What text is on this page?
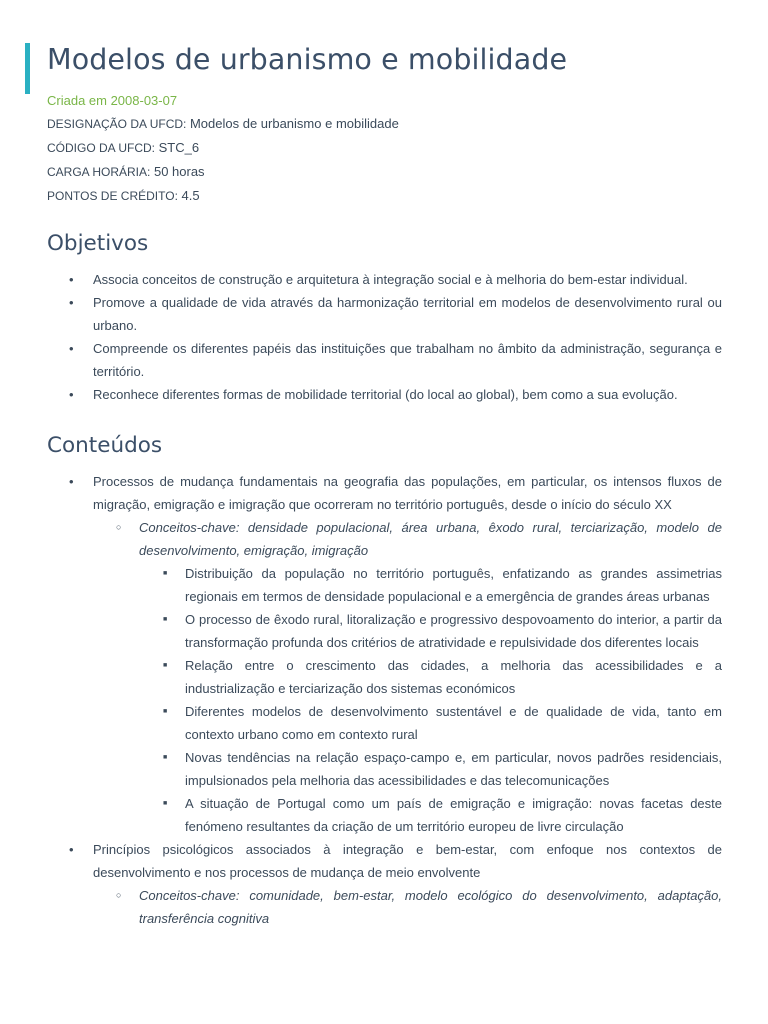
Modelos de urbanismo e mobilidade
Criada em 2008-03-07
DESIGNAÇÃO DA UFCD: Modelos de urbanismo e mobilidade
CÓDIGO DA UFCD: STC_6
CARGA HORÁRIA: 50 horas
PONTOS DE CRÉDITO: 4.5
Objetivos
• Associa conceitos de construção e arquitetura à integração social e à melhoria do bem-estar individual.
• Promove a qualidade de vida através da harmonização territorial em modelos de desenvolvimento rural ou urbano.
• Compreende os diferentes papéis das instituições que trabalham no âmbito da administração, segurança e território.
• Reconhece diferentes formas de mobilidade territorial (do local ao global), bem como a sua evolução.
Conteúdos
• Processos de mudança fundamentais na geografia das populações, em particular, os intensos fluxos de migração, emigração e imigração que ocorreram no território português, desde o início do século XX
○ Conceitos-chave: densidade populacional, área urbana, êxodo rural, terciarização, modelo de desenvolvimento, emigração, imigração
■ Distribuição da população no território português, enfatizando as grandes assimetrias regionais em termos de densidade populacional e a emergência de grandes áreas urbanas
■ O processo de êxodo rural, litoralização e progressivo despovoamento do interior, a partir da transformação profunda dos critérios de atratividade e repulsividade dos diferentes locais
■ Relação entre o crescimento das cidades, a melhoria das acessibilidades e a industrialização e terciarização dos sistemas económicos
■ Diferentes modelos de desenvolvimento sustentável e de qualidade de vida, tanto em contexto urbano como em contexto rural
■ Novas tendências na relação espaço-campo e, em particular, novos padrões residenciais, impulsionados pela melhoria das acessibilidades e das telecomunicações
■ A situação de Portugal como um país de emigração e imigração: novas facetas deste fenómeno resultantes da criação de um território europeu de livre circulação
• Princípios psicológicos associados à integração e bem-estar, com enfoque nos contextos de desenvolvimento e nos processos de mudança de meio envolvente
○ Conceitos-chave: comunidade, bem-estar, modelo ecológico do desenvolvimento, adaptação, transferência cognitiva
